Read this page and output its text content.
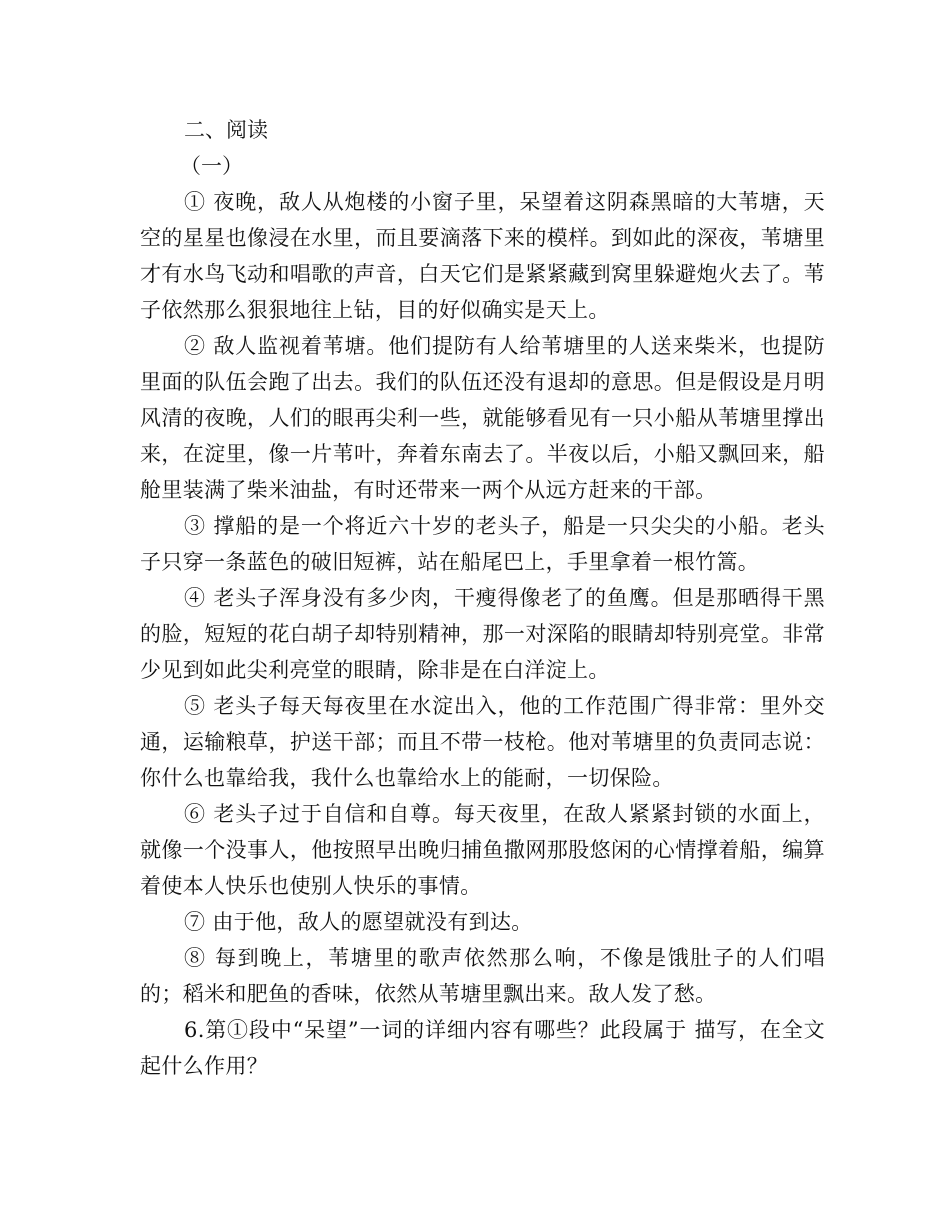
二、阅读

（一）

① 夜晚，敌人从炮楼的小窗子里，呆望着这阴森黑暗的大苇塘，天空的星星也像浸在水里，而且要滴落下来的模样。到如此的深夜，苇塘里才有水鸟飞动和唱歌的声音，白天它们是紧紧藏到窝里躲避炮火去了。苇子依然那么狠狠地往上钻，目的好似确实是天上。

② 敌人监视着苇塘。他们提防有人给苇塘里的人送来柴米，也提防里面的队伍会跑了出去。我们的队伍还没有退却的意思。但是假设是月明风清的夜晚，人们的眼再尖利一些，就能够看见有一只小船从苇塘里撑出来，在淀里，像一片苇叶，奔着东南去了。半夜以后，小船又飘回来，船舱里装满了柴米油盐，有时还带来一两个从远方赶来的干部。

③ 撑船的是一个将近六十岁的老头子，船是一只尖尖的小船。老头子只穿一条蓝色的破旧短裤，站在船尾巴上，手里拿着一根竹篙。

④ 老头子浑身没有多少肉，干瘦得像老了的鱼鹰。但是那晒得干黑的脸，短短的花白胡子却特别精神，那一对深陷的眼睛却特别亮堂。非常少见到如此尖利亮堂的眼睛，除非是在白洋淀上。

⑤ 老头子每天每夜里在水淀出入，他的工作范围广得非常：里外交通，运输粮草，护送干部；而且不带一枝枪。他对苇塘里的负责同志说：你什么也靠给我，我什么也靠给水上的能耐，一切保险。

⑥ 老头子过于自信和自尊。每天夜里，在敌人紧紧封锁的水面上，就像一个没事人，他按照早出晚归捕鱼撒网那股悠闲的心情撑着船，编算着使本人快乐也使别人快乐的事情。

⑦ 由于他，敌人的愿望就没有到达。

⑧ 每到晚上，苇塘里的歌声依然那么响，不像是饿肚子的人们唱的；稻米和肥鱼的香味，依然从苇塘里飘出来。敌人发了愁。

6.第①段中“呆望”一词的详细内容有哪些？此段属于 描写，在全文起什么作用？
